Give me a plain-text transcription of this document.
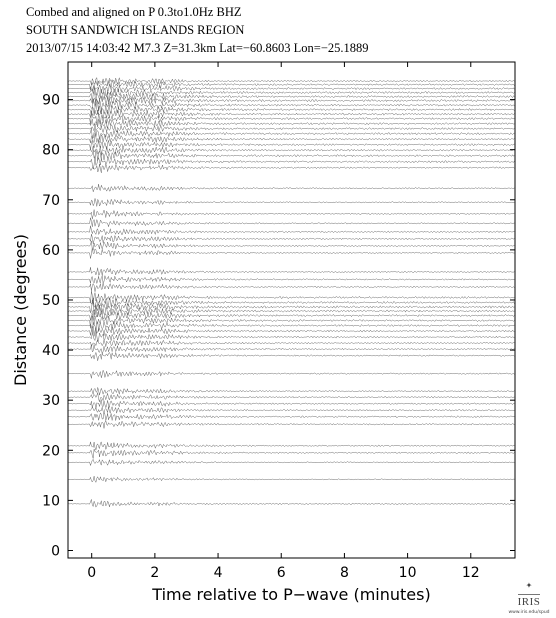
Combed and aligned on P 0.3to1.0Hz BHZ
SOUTH SANDWICH ISLANDS REGION
2013/07/15 14:03:42 M7.3 Z=31.3km Lat=−60.8603 Lon=−25.1889
0	2	4	6	8	10	12
0
10
20
30
40
50
60
70
80
90
Time relative to P−wave (minutes)
Distance (degrees)
✦
IRIS
www.iris.edu/spud
